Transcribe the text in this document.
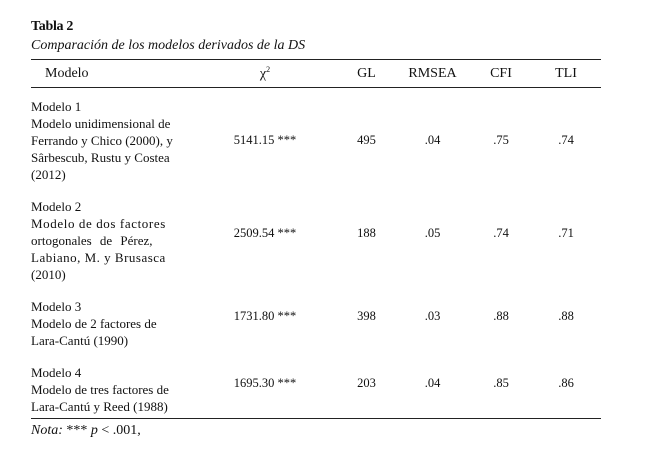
Tabla 2
Comparación de los modelos derivados de la DS
Modelo	$\chi^2$	GL	RMSEA	CFI	TLI

Modelo 1
Modelo unidimensional de
Ferrando y Chico (2000), y
Sârbescub, Rustu y Costea
(2012)	5141.15 ***	495	.04	.75	.74

Modelo 2
Modelo de dos factores
ortogonales de Pérez,
Labiano, M. y Brusasca
(2010)	2509.54 ***	188	.05	.74	.71

Modelo 3
Modelo de 2 factores de
Lara-Cantú (1990)	1731.80 ***	398	.03	.88	.88

Modelo 4
Modelo de tres factores de
Lara-Cantú y Reed (1988)	1695.30 ***	203	.04	.85	.86
Nota: *** p < .001,
